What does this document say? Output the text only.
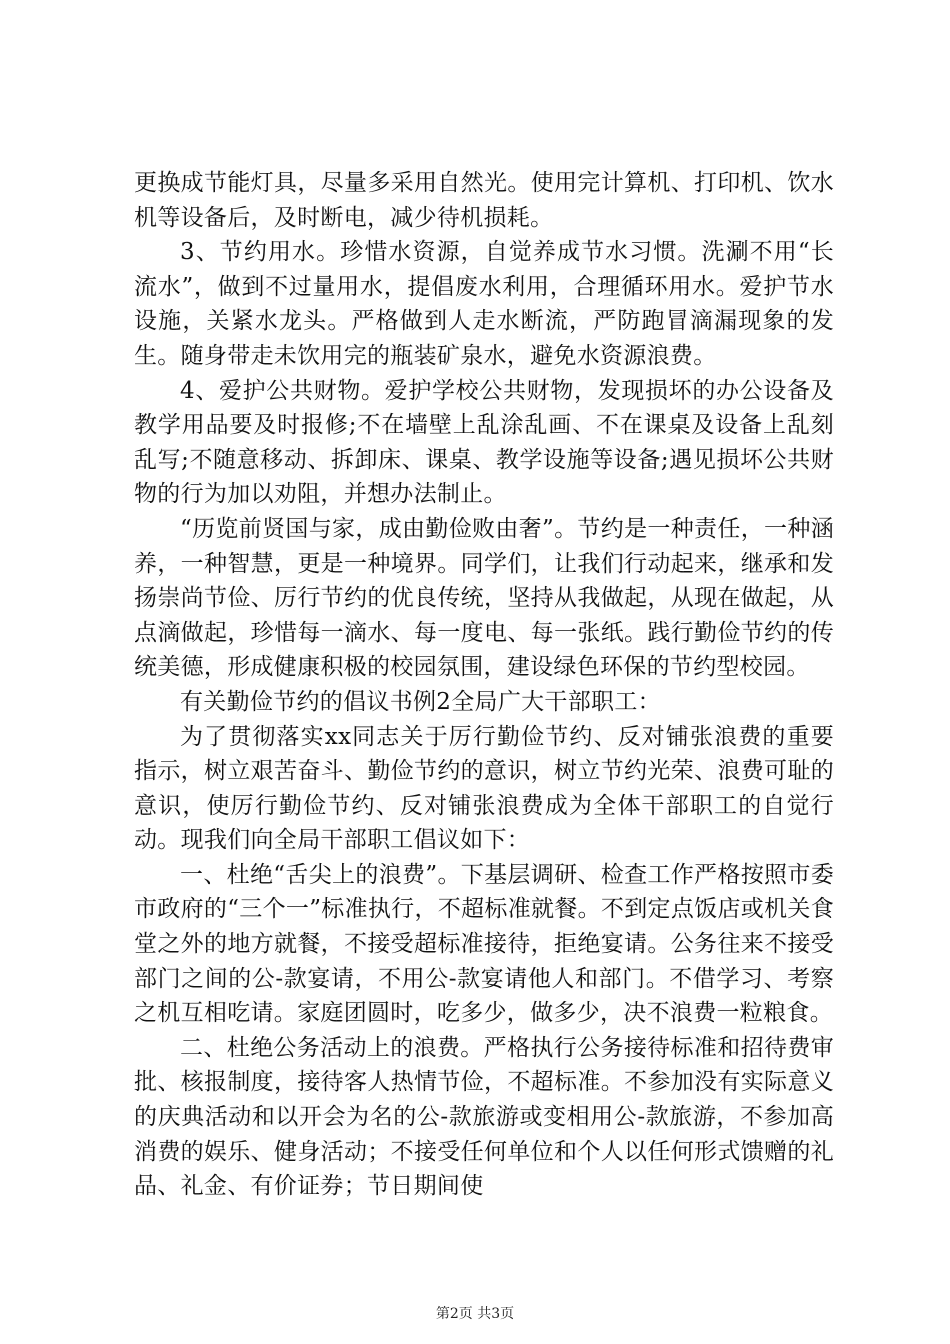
更换成节能灯具，尽量多采用自然光。使用完计算机、打印机、饮水机等设备后，及时断电，减少待机损耗。

3、节约用水。珍惜水资源，自觉养成节水习惯。洗涮不用“长流水”，做到不过量用水，提倡废水利用，合理循环用水。爱护节水设施，关紧水龙头。严格做到人走水断流，严防跑冒滴漏现象的发生。随身带走未饮用完的瓶装矿泉水，避免水资源浪费。

4、爱护公共财物。爱护学校公共财物，发现损坏的办公设备及教学用品要及时报修;不在墙壁上乱涂乱画、不在课桌及设备上乱刻乱写;不随意移动、拆卸床、课桌、教学设施等设备;遇见损坏公共财物的行为加以劝阻，并想办法制止。

“历览前贤国与家，成由勤俭败由奢”。节约是一种责任，一种涵养，一种智慧，更是一种境界。同学们，让我们行动起来，继承和发扬崇尚节俭、厉行节约的优良传统，坚持从我做起，从现在做起，从点滴做起，珍惜每一滴水、每一度电、每一张纸。践行勤俭节约的传统美德，形成健康积极的校园氛围，建设绿色环保的节约型校园。

有关勤俭节约的倡议书例2全局广大干部职工：

为了贯彻落实xx同志关于厉行勤俭节约、反对铺张浪费的重要指示，树立艰苦奋斗、勤俭节约的意识，树立节约光荣、浪费可耻的意识，使厉行勤俭节约、反对铺张浪费成为全体干部职工的自觉行动。现我们向全局干部职工倡议如下：

一、杜绝“舌尖上的浪费”。下基层调研、检查工作严格按照市委市政府的“三个一”标准执行，不超标准就餐。不到定点饭店或机关食堂之外的地方就餐，不接受超标准接待，拒绝宴请。公务往来不接受部门之间的公-款宴请，不用公-款宴请他人和部门。不借学习、考察之机互相吃请。家庭团圆时，吃多少，做多少，决不浪费一粒粮食。

二、杜绝公务活动上的浪费。严格执行公务接待标准和招待费审批、核报制度，接待客人热情节俭，不超标准。不参加没有实际意义的庆典活动和以开会为名的公-款旅游或变相用公-款旅游，不参加高消费的娱乐、健身活动；不接受任何单位和个人以任何形式馈赠的礼品、礼金、有价证券；节日期间使

第2页 共3页
